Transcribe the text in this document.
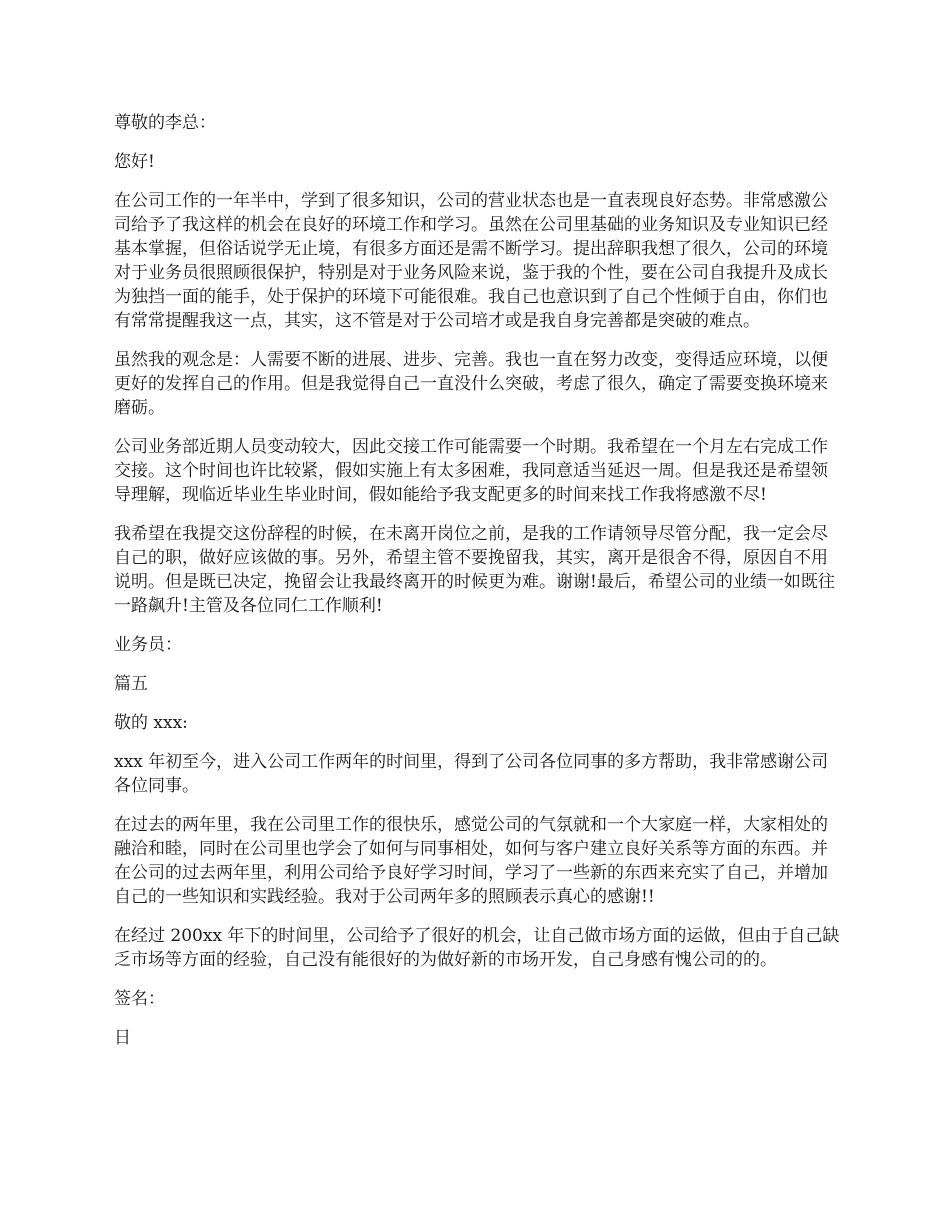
尊敬的李总：

您好!

在公司工作的一年半中，学到了很多知识，公司的营业状态也是一直表现良好态势。非常感激公司给予了我这样的机会在良好的环境工作和学习。虽然在公司里基础的业务知识及专业知识已经基本掌握，但俗话说学无止境，有很多方面还是需不断学习。提出辞职我想了很久，公司的环境对于业务员很照顾很保护，特别是对于业务风险来说，鉴于我的个性，要在公司自我提升及成长为独挡一面的能手，处于保护的环境下可能很难。我自己也意识到了自己个性倾于自由，你们也有常常提醒我这一点，其实，这不管是对于公司培才或是我自身完善都是突破的难点。

虽然我的观念是：人需要不断的进展、进步、完善。我也一直在努力改变，变得适应环境，以便更好的发挥自己的作用。但是我觉得自己一直没什么突破，考虑了很久，确定了需要变换环境来磨砺。

公司业务部近期人员变动较大，因此交接工作可能需要一个时期。我希望在一个月左右完成工作交接。这个时间也许比较紧，假如实施上有太多困难，我同意适当延迟一周。但是我还是希望领导理解，现临近毕业生毕业时间，假如能给予我支配更多的时间来找工作我将感激不尽!

我希望在我提交这份辞程的时候，在未离开岗位之前，是我的工作请领导尽管分配，我一定会尽自己的职，做好应该做的事。另外，希望主管不要挽留我，其实，离开是很舍不得，原因自不用说明。但是既已决定，挽留会让我最终离开的时候更为难。谢谢!最后，希望公司的业绩一如既往一路飙升!主管及各位同仁工作顺利!

业务员：

篇五

敬的 xxx:

xxx 年初至今，进入公司工作两年的时间里，得到了公司各位同事的多方帮助，我非常感谢公司各位同事。

在过去的两年里，我在公司里工作的很快乐，感觉公司的气氛就和一个大家庭一样，大家相处的融洽和睦，同时在公司里也学会了如何与同事相处，如何与客户建立良好关系等方面的东西。并在公司的过去两年里，利用公司给予良好学习时间，学习了一些新的东西来充实了自己，并增加自己的一些知识和实践经验。我对于公司两年多的照顾表示真心的感谢!!

在经过 200xx 年下的时间里，公司给予了很好的机会，让自己做市场方面的运做，但由于自己缺乏市场等方面的经验，自己没有能很好的为做好新的市场开发，自己身感有愧公司的的。

签名：

日
